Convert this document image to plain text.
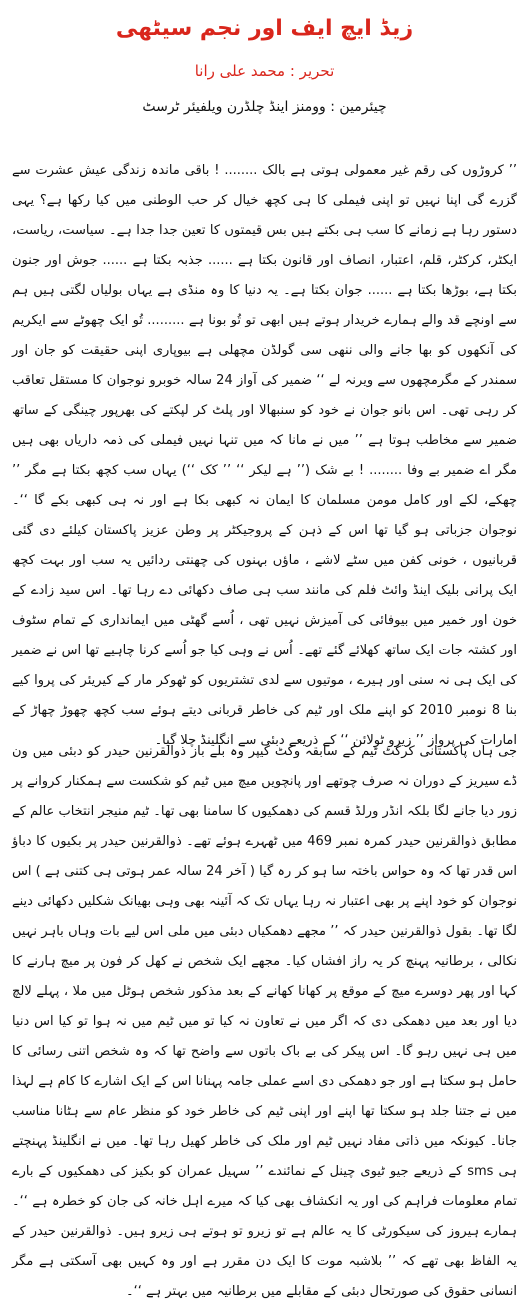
زیڈ ایچ ایف اور نجم سیٹھی
تحریر : محمد علی رانا
چیئرمین : وومنز اینڈ چلڈرن ویلفیئر ٹرسٹ

’’ کروڑوں کی رقم غیر معمولی ہوتی ہے بالک ........ ! باقی ماندہ زندگی عیش عشرت سے گزرے گی اپنا نہیں تو اپنی فیملی کا ہی کچھ خیال کر حب الوطنی میں کیا رکھا ہے؟ یہی دستور رہا ہے زمانے کا سب ہی بکتے ہیں بس قیمتوں کا تعین جدا جدا ہے۔ سیاست، ریاست، ایکٹر، کرکٹر، قلم، اعتبار، انصاف اور قانون بکتا ہے ...... جذبہ بکتا ہے ...... جوش اور جنون بکتا ہے، بوڑھا بکتا ہے ...... جوان بکتا ہے۔ یہ دنیا کا وہ منڈی ہے یہاں بولیاں لگتی ہیں ہم سے اونچے قد والے ہمارے خریدار ہوتے ہیں ابھی تو تُو بونا ہے ......... تُو ایک چھوٹے سے ایکریم کی آنکھوں کو بھا جانے والی ننھی سی گولڈن مچھلی ہے بیوپاری اپنی حقیقت کو جان اور سمندر کے مگرمچھوں سے ویرنہ لے ‘‘ ضمیر کی آواز 24 سالہ خوبرو نوجوان کا مستقل تعاقب کر رہی تھی۔ اس بانو جوان نے خود کو سنبھالا اور پلٹ کر لپکتے کی بھرپور چینگی کے ساتھ ضمیر سے مخاطب ہوتا ہے ’’ میں نے مانا کہ میں تنہا نہیں فیملی کی ذمہ داریاں بھی ہیں مگر اے ضمیر بے وفا ........ ! بے شک (’’ ہے لیکر ‘‘ ’’ کک ‘‘) یہاں سب کچھ بکتا ہے مگر ’’ چھکے، لکے اور کامل مومن مسلمان کا ایمان نہ کبھی بکا ہے اور نہ ہی کبھی بکے گا ‘‘۔ نوجوان جزباتی ہو گیا تھا اس کے ذہن کے پروجیکٹر پر وطن عزیز پاکستان کیلئے دی گئی قربانیوں ، خونی کفن میں سٹے لاشے ، ماؤں بہنوں کی چھنتی ردائیں یہ سب اور بہت کچھ ایک پرانی بلیک اینڈ وائٹ فلم کی مانند سب ہی صاف دکھائی دے رہا تھا۔ اس سید زادے کے خون اور خمیر میں بیوفائی کی آمیزش نہیں تھی ، اُسے گھٹی میں ایمانداری کے تمام سٹوف اور کشتہ جات ایک ساتھ کھلائے گئے تھے۔ اُس نے وہی کیا جو اُسے کرنا چاہیے تھا اس نے ضمیر کی ایک ہی نہ سنی اور ہیرے ، موتیوں سے لدی تشتریوں کو ٹھوکر مار کے کیریئر کی پروا کیے بنا 8 نومبر 2010 کو اپنے ملک اور ٹیم کی خاطر قربانی دیتے ہوئے سب کچھ چھوڑ چھاڑ کے امارات کی پرواز ’’ زیرو ٹولائن ‘‘ کے ذریعے دبئی سے انگلینڈ چلا گیا۔

جی ہاں پاکستانی کرکٹ ٹیم کے سابقہ وکٹ کیپر وہ بلے باز ذوالقرنین حیدر کو دبئی میں ون ڈے سیریز کے دوران نہ صرف چوتھے اور پانچویں میچ میں ٹیم کو شکست سے ہمکنار کروانے پر زور دیا جانے لگا بلکہ انڈر ورلڈ قسم کی دھمکیوں کا سامنا بھی تھا۔ ٹیم منیجر انتخاب عالم کے مطابق ذوالقرنین حیدر کمرہ نمبر 469 میں ٹھہرے ہوئے تھے۔ ذوالقرنین حیدر پر بکیوں کا دباؤ اس قدر تھا کہ وہ حواس باختہ سا ہو کر رہ گیا ( آخر 24 سالہ عمر ہوتی ہی کتنی ہے ) اس نوجوان کو خود اپنے پر بھی اعتبار نہ رہا یہاں تک کہ آئینہ بھی وہی بھیانک شکلیں دکھائی دینے لگا تھا۔ بقول ذوالقرنین حیدر کہ ’’ مجھے دھمکیاں دبئی میں ملی اس لیے بات وہاں باہر نہیں نکالی ، برطانیہ پہنچ کر یہ راز افشاں کیا۔ مجھے ایک شخص نے کھل کر فون پر میچ ہارنے کا کہا اور پھر دوسرے میچ کے موقع پر کھانا کھانے کے بعد مذکور شخص ہوٹل میں ملا ، پہلے لالچ دیا اور بعد میں دھمکی دی کہ اگر میں نے تعاون نہ کیا تو میں ٹیم میں نہ ہوا تو کیا اس دنیا میں ہی نہیں رہو گا۔ اس پیکر کی بے باک باتوں سے واضح تھا کہ وہ شخص اتنی رسائی کا حامل ہو سکتا ہے اور جو دھمکی دی اسے عملی جامہ پہنانا اس کے ایک اشارے کا کام ہے لہذا میں نے جتنا جلد ہو سکتا تھا اپنے اور اپنی ٹیم کی خاطر خود کو منظر عام سے ہٹانا مناسب جانا۔ کیونکہ میں ذاتی مفاد نہیں ٹیم اور ملک کی خاطر کھیل رہا تھا۔ میں نے انگلینڈ پہنچتے ہی sms کے ذریعے جیو ٹیوی چینل کے نمائندے ’’ سہیل عمران کو بکیز کی دھمکیوں کے بارے تمام معلومات فراہم کی اور یہ انکشاف بھی کیا کہ میرے اہل خانہ کی جان کو خطرہ ہے ‘‘۔ ہمارے ہیروز کی سیکورٹی کا یہ عالم ہے تو زیرو تو ہوتے ہی زیرو ہیں۔ ذوالقرنین حیدر کے یہ الفاظ بھی تھے کہ ’’ بلاشبہ موت کا ایک دن مقرر ہے اور وہ کہیں بھی آسکتی ہے مگر انسانی حقوق کی صورتحال دبئی کے مقابلے میں برطانیہ میں بہتر ہے ‘‘۔
